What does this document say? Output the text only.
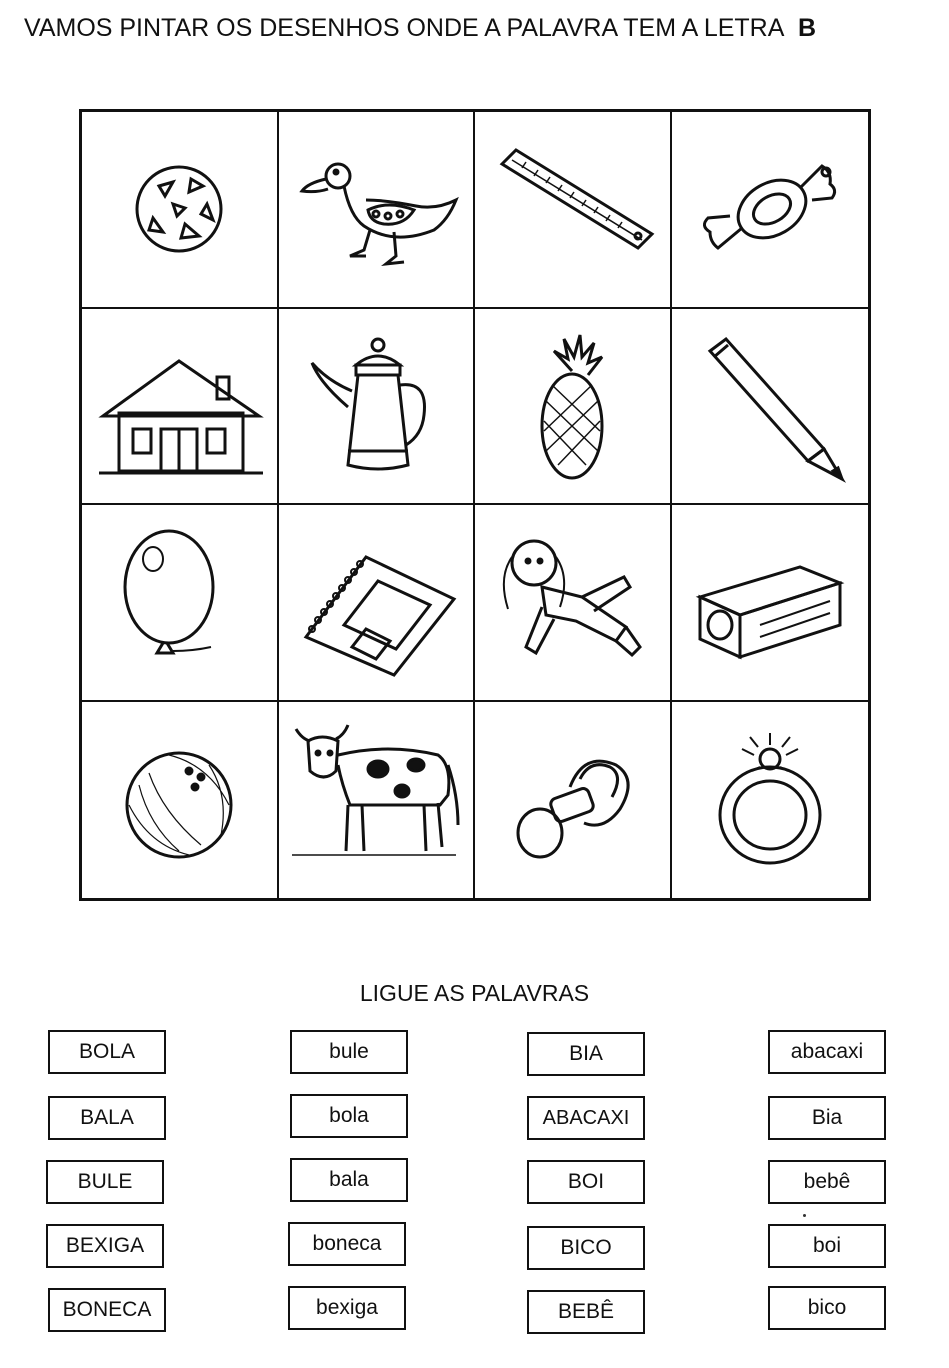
VAMOS PINTAR OS DESENHOS ONDE A PALAVRA TEM A LETRA B
LIGUE AS PALAVRAS
BOLA
BALA
BULE
BEXIGA
BONECA
bule
bola
bala
boneca
bexiga
BIA
ABACAXI
BOI
BICO
BEBÊ
abacaxi
Bia
bebê
boi
bico
